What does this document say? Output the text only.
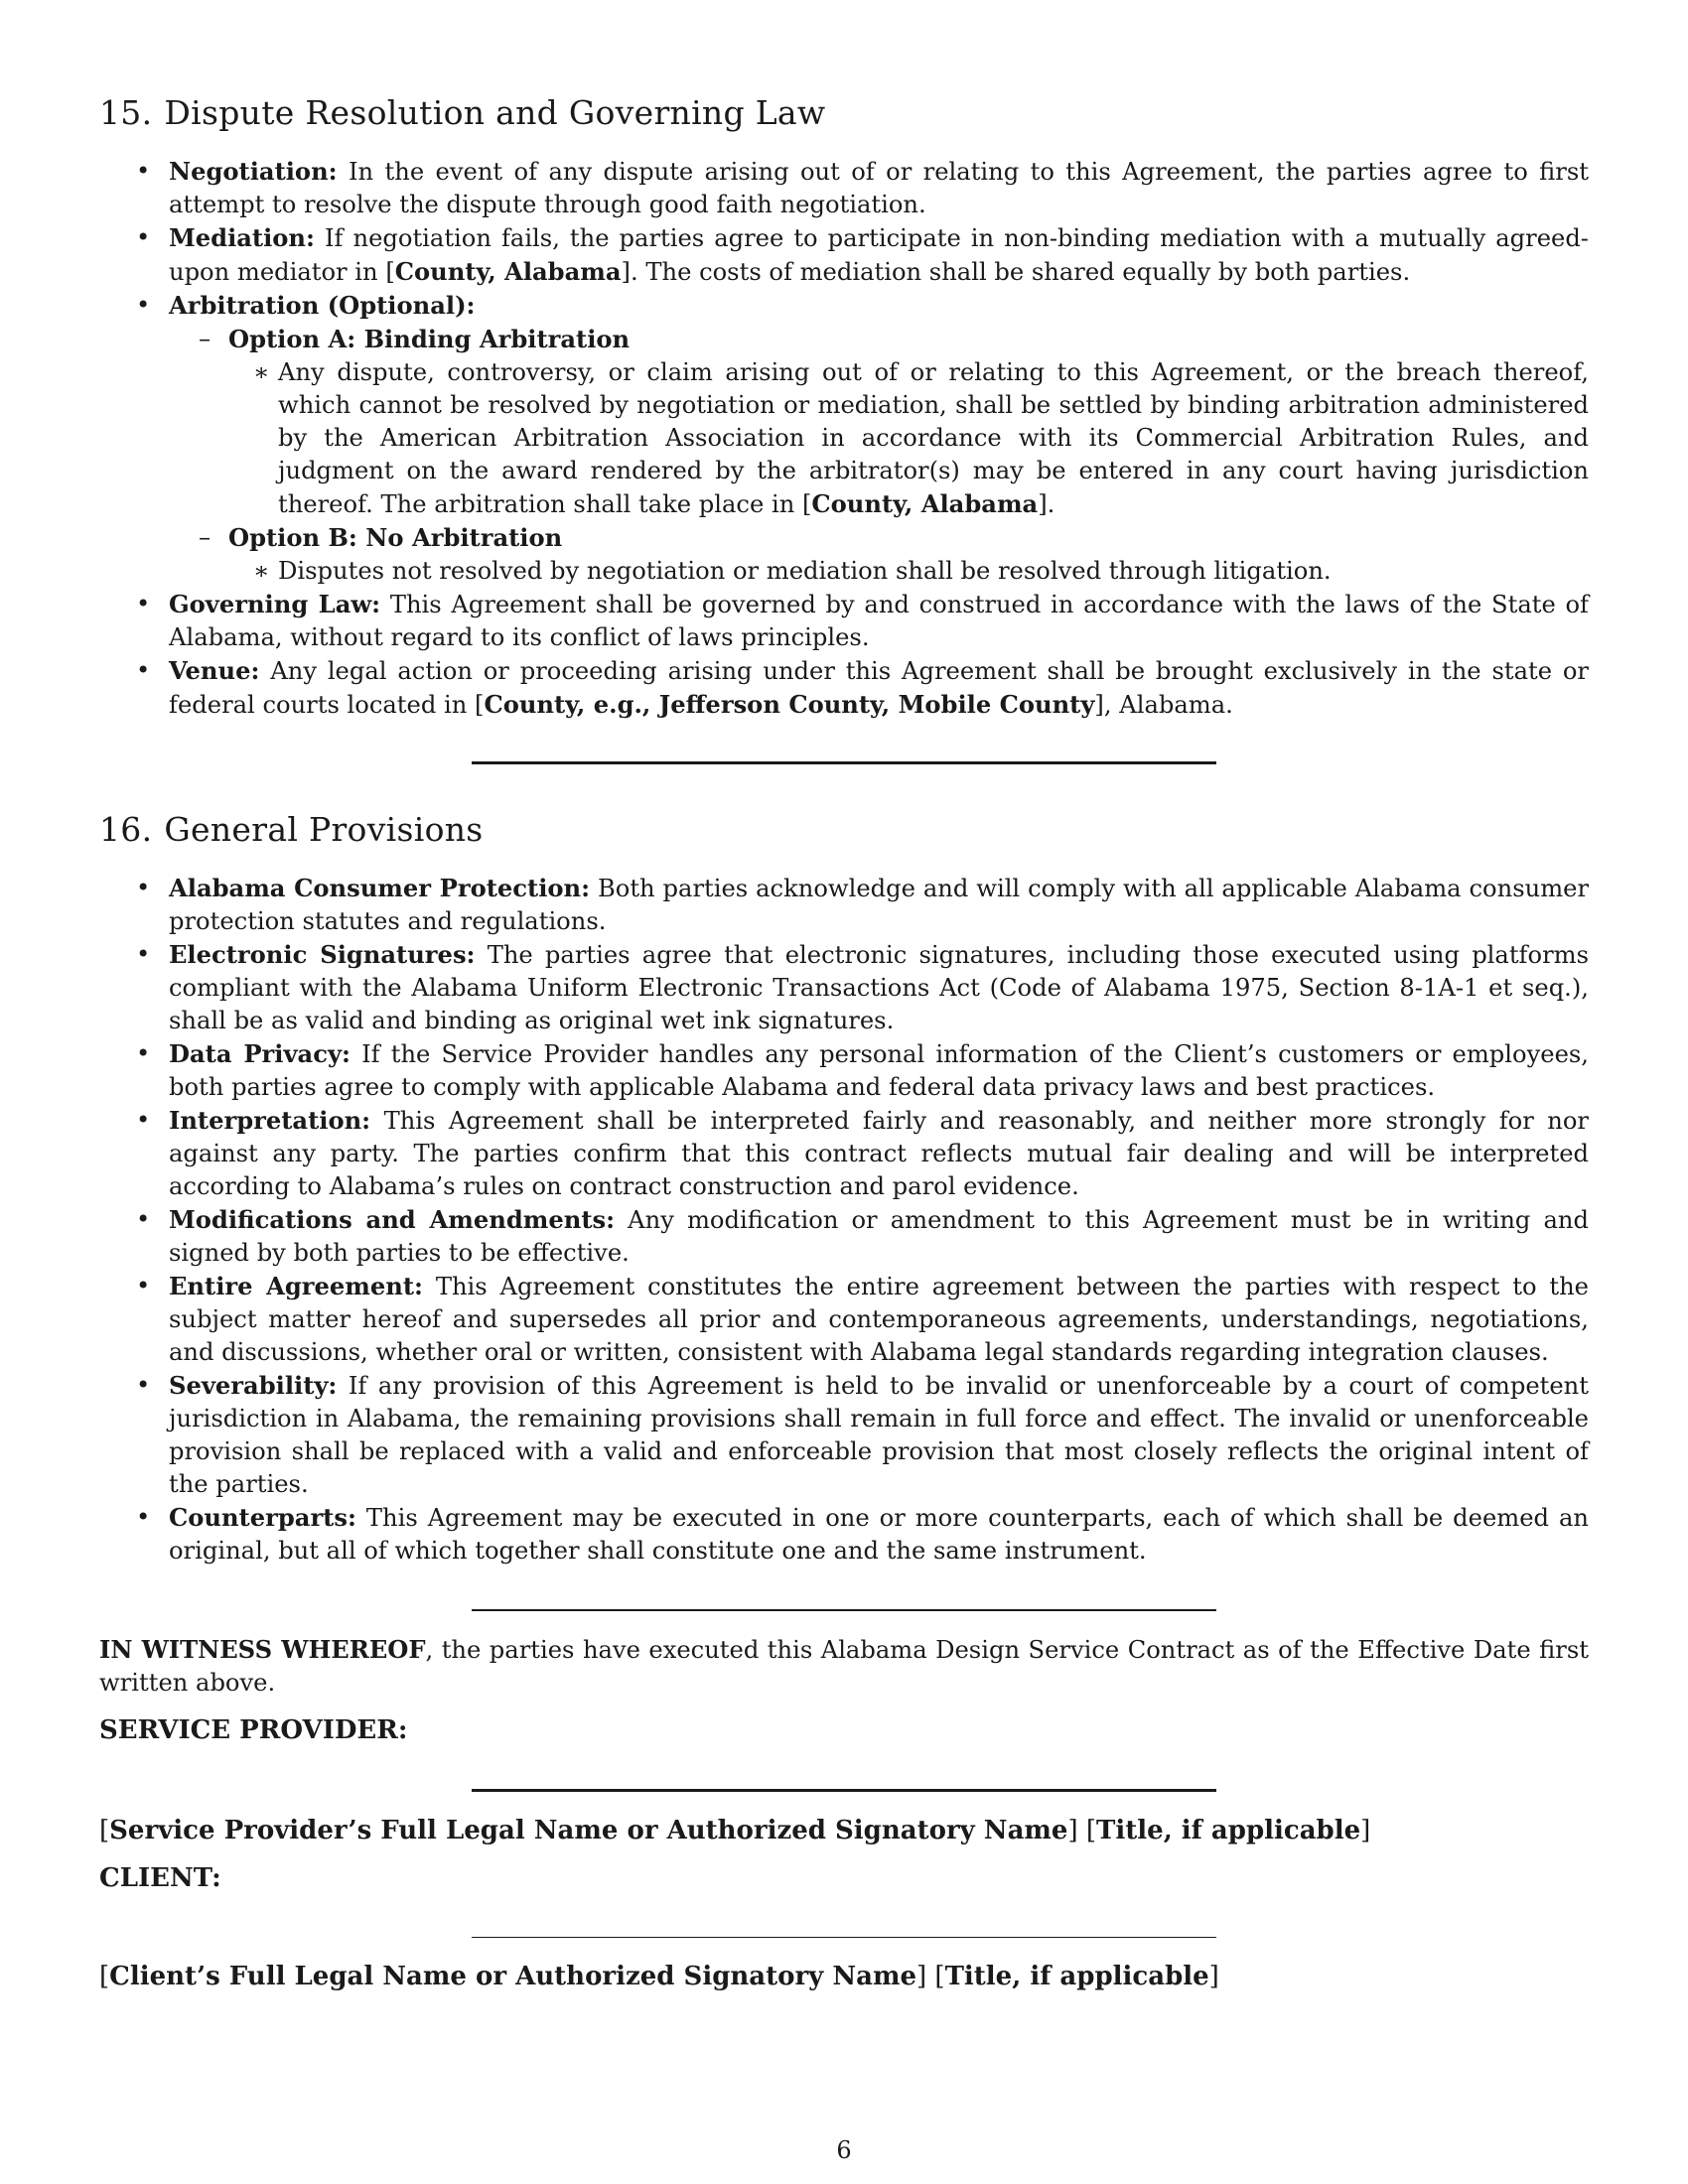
15. Dispute Resolution and Governing Law
• Negotiation: In the event of any dispute arising out of or relating to this Agreement, the parties agree to first attempt to resolve the dispute through good faith negotiation.
• Mediation: If negotiation fails, the parties agree to participate in non-binding mediation with a mutually agreed-upon mediator in [County, Alabama]. The costs of mediation shall be shared equally by both parties.
• Arbitration (Optional):
– Option A: Binding Arbitration
∗ Any dispute, controversy, or claim arising out of or relating to this Agreement, or the breach thereof, which cannot be resolved by negotiation or mediation, shall be settled by binding arbitration administered by the American Arbitration Association in accordance with its Commercial Arbitration Rules, and judgment on the award rendered by the arbitrator(s) may be entered in any court having jurisdiction thereof. The arbitration shall take place in [County, Alabama].
– Option B: No Arbitration
∗ Disputes not resolved by negotiation or mediation shall be resolved through litigation.
• Governing Law: This Agreement shall be governed by and construed in accordance with the laws of the State of Alabama, without regard to its conflict of laws principles.
• Venue: Any legal action or proceeding arising under this Agreement shall be brought exclusively in the state or federal courts located in [County, e.g., Jefferson County, Mobile County], Alabama.
16. General Provisions
• Alabama Consumer Protection: Both parties acknowledge and will comply with all applicable Alabama consumer protection statutes and regulations.
• Electronic Signatures: The parties agree that electronic signatures, including those executed using platforms compliant with the Alabama Uniform Electronic Transactions Act (Code of Alabama 1975, Section 8-1A-1 et seq.), shall be as valid and binding as original wet ink signatures.
• Data Privacy: If the Service Provider handles any personal information of the Client’s customers or employees, both parties agree to comply with applicable Alabama and federal data privacy laws and best practices.
• Interpretation: This Agreement shall be interpreted fairly and reasonably, and neither more strongly for nor against any party. The parties confirm that this contract reflects mutual fair dealing and will be interpreted according to Alabama’s rules on contract construction and parol evidence.
• Modifications and Amendments: Any modification or amendment to this Agreement must be in writing and signed by both parties to be effective.
• Entire Agreement: This Agreement constitutes the entire agreement between the parties with respect to the subject matter hereof and supersedes all prior and contemporaneous agreements, understandings, negotiations, and discussions, whether oral or written, consistent with Alabama legal standards regarding integration clauses.
• Severability: If any provision of this Agreement is held to be invalid or unenforceable by a court of competent jurisdiction in Alabama, the remaining provisions shall remain in full force and effect. The invalid or unenforceable provision shall be replaced with a valid and enforceable provision that most closely reflects the original intent of the parties.
• Counterparts: This Agreement may be executed in one or more counterparts, each of which shall be deemed an original, but all of which together shall constitute one and the same instrument.

IN WITNESS WHEREOF, the parties have executed this Alabama Design Service Contract as of the Effective Date first written above.

SERVICE PROVIDER:
[Service Provider’s Full Legal Name or Authorized Signatory Name] [Title, if applicable]
CLIENT:
[Client’s Full Legal Name or Authorized Signatory Name] [Title, if applicable]
6
